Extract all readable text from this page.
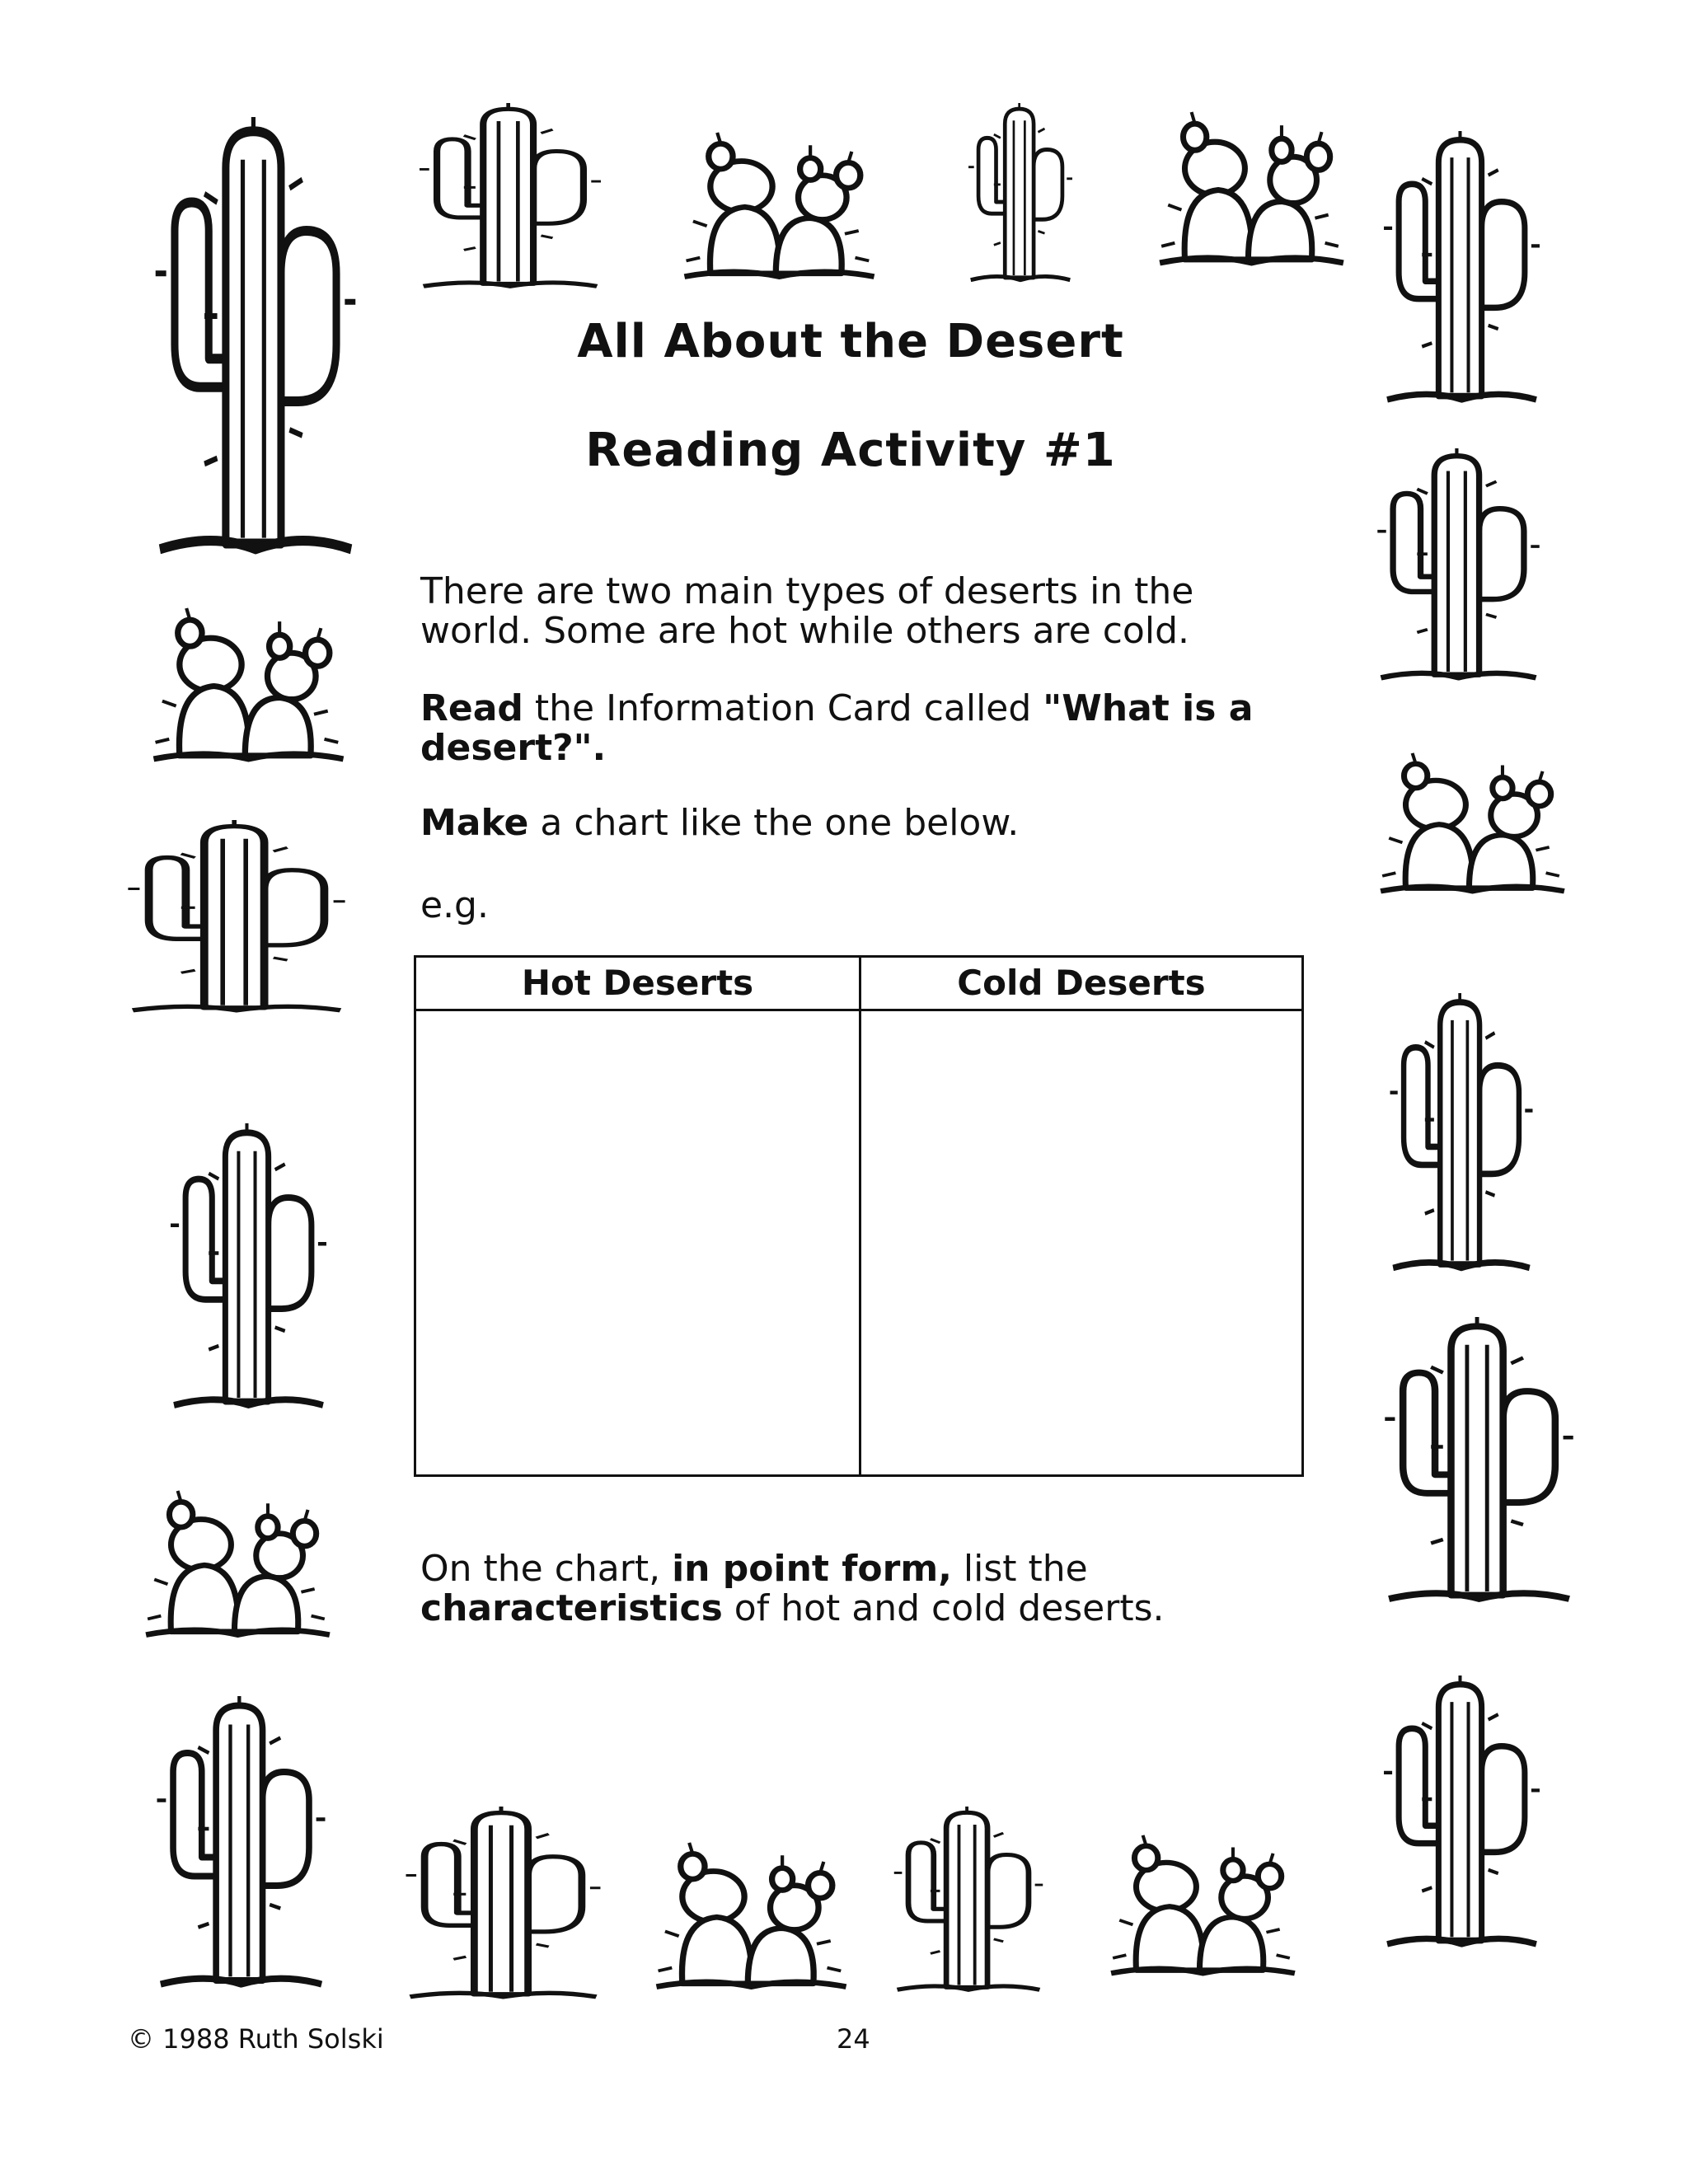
All About the Desert
Reading Activity #1
There are two main types of deserts in the
world. Some are hot while others are cold.
Read the Information Card called "What is a
desert?".
Make a chart like the one below.
e.g.
Hot Deserts	Cold Deserts
On the chart, in point form, list the
characteristics of hot and cold deserts.
© 1988 Ruth Solski	24
